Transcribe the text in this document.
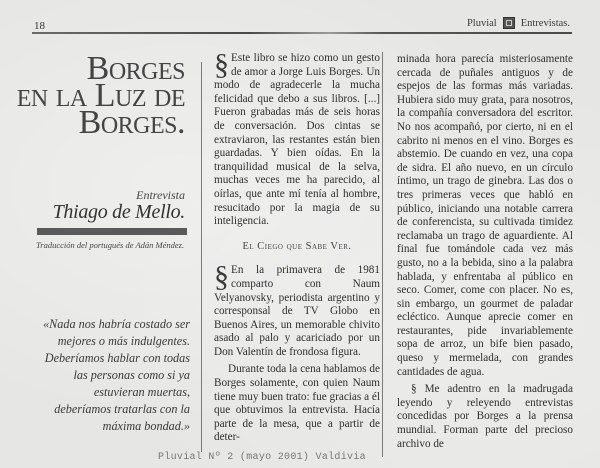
18	Pluvial Entrevistas.
Borges
en la Luz de
Borges.
Entrevista
Thiago de Mello.
Traducción del portugués de Adán Méndez.
«Nada nos habría costado ser mejores o más indulgentes. Deberíamos hablar con todas las personas como si ya estuvieran muertas, deberíamos tratarlas con la máxima bondad.»

§ Este libro se hizo como un gesto de amor a Jorge Luis Borges. Un modo de agradecerle la mucha felicidad que debo a sus libros. [...] Fueron grabadas más de seis horas de conversación. Dos cintas se extraviaron, las restantes están bien guardadas. Y bien oídas. En la tranquilidad musical de la selva, muchas veces me ha parecido, al oírlas, que ante mí tenía al hombre, resucitado por la magia de su inteligencia.

El Ciego que Sabe Ver.

§ En la primavera de 1981 comparto con Naum Velyanovsky, periodista argentino y corresponsal de TV Globo en Buenos Aires, un memorable chivito asado al palo y acariciado por un Don Valentín de frondosa figura.

Durante toda la cena hablamos de Borges solamente, con quien Naum tiene muy buen trato: fue gracias a él que obtuvimos la entrevista. Hacía parte de la mesa, que a partir de deter-

minada hora parecía misteriosamente cercada de puñales antiguos y de espejos de las formas más variadas. Hubiera sido muy grata, para nosotros, la compañía conversadora del escritor. No nos acompañó, por cierto, ni en el cabrito ni menos en el vino. Borges es abstemio. De cuando en vez, una copa de sidra. El año nuevo, en un círculo íntimo, un trago de ginebra. Las dos o tres primeras veces que habló en público, iniciando una notable carrera de conferencista, su cultivada timidez reclamaba un trago de aguardiente. Al final fue tomándole cada vez más gusto, no a la bebida, sino a la palabra hablada, y enfrentaba al público en seco. Comer, come con placer. No es, sin embargo, un gourmet de paladar ecléctico. Aunque aprecie comer en restaurantes, pide invariablemente sopa de arroz, un bife bien pasado, queso y mermelada, con grandes cantidades de agua.

§ Me adentro en la madrugada leyendo y releyendo entrevistas concedidas por Borges a la prensa mundial. Forman parte del precioso archivo de

Pluvial Nº 2 (mayo 2001) Valdivia
